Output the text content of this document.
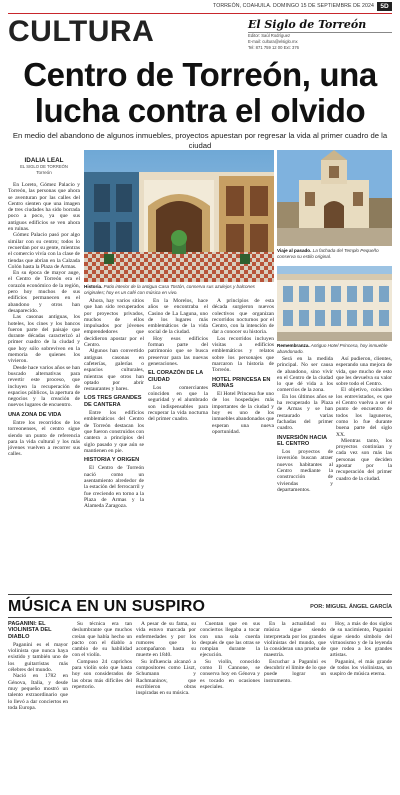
TORREÓN, COAHUILA. DOMINGO 15 DE SEPTIEMBRE DE 2024 5D
CULTURA	El Siglo de Torreón
Editor: Saúl Rodríguez
E-mail: cultura@elsiglo.mx
Tel: 871 759 12 00 Ext: 376
Centro de Torreón, una lucha contra el olvido
En medio del abandono de algunos inmuebles, proyectos apuestan por regresar la vida al primer cuadro de la ciudad
IDALIA LEAL
EL SIGLO DE TORREÓN
Torreón

En Loreto, Gómez Palacio y Torreón, las personas que ahora se aventuran por las calles del Centro sienten que una imagen de tres ciudades ha sido borrada poco a poco, ya que sus antiguos edificios se ven ahora en ruinas.

Gómez Palacio pasó por algo similar con su centro; todos lo recuerdan por su gente, mientras el comercio vivía con la clase de tiendas que abrían en la Calzada Colón hasta la Plaza de Armas.

En su época de mayor auge, el Centro de Torreón era el corazón económico de la región, pero hoy muchos de sus edificios permanecen en el abandono y otros han desaparecido.

Las casonas antiguas, los hoteles, los cines y los bancos fueron parte del paisaje que durante décadas caracterizó al primer cuadro de la ciudad y que hoy sólo sobreviven en la memoria de quienes los vivieron.

Desde hace varios años se han buscado alternativas para revertir este proceso, que incluyen la recuperación de espacios públicos, la apertura de negocios y la creación de nuevos lugares de encuentro.

UNA ZONA DE VIDA

Entre los recorridos de los torreonenses, el centro sigue siendo un punto de referencia para la vida cultural y los más jóvenes vuelven a recorrer sus calles.

Viaje al pasado. La fachada del Templo Pequeño conserva su estilo original.
Historia. Patio interior de la antigua Casa Tostón, conserva sus azulejos y balcones originales; hoy es un café con música en vivo.
Remembranza. Antiguo Hotel Princesa, hoy inmueble abandonado.

Ahora, hay varios sitios que han sido recuperados por proyectos privados, muchos de ellos impulsados por jóvenes emprendedores que decidieron apostar por el Centro.

Algunos han convertido antiguas casonas en cafeterías, galerías o espacios culturales, mientras que otros han optado por abrir restaurantes y bares.

LOS TRES GRANDES DE CANTERA

Entre los edificios emblemáticos del Centro de Torreón destacan los que fueron construidos con cantera a principios del siglo pasado y que aún se mantienen en pie.

HISTORIA Y ORIGEN

El Centro de Torreón nació como un asentamiento alrededor de la estación del ferrocarril y fue creciendo en torno a la Plaza de Armas y la Alameda Zaragoza.

En la Morelos, hace años se encontraba el Casino de La Laguna, uno de los lugares más emblemáticos de la vida social de la ciudad.

Hoy esos edificios forman parte del patrimonio que se busca preservar para las nuevas generaciones.

EL CORAZÓN DE LA CIUDAD

Los comerciantes coinciden en que la seguridad y el alumbrado son indispensables para recuperar la vida nocturna del primer cuadro.

A principios de esta década surgieron nuevos colectivos que organizan recorridos nocturnos por el Centro, con la intención de dar a conocer su historia.

Los recorridos incluyen visitas a edificios emblemáticos y relatos sobre los personajes que marcaron la historia de Torreón.

HOTEL PRINCESA EN RUINAS

El Hotel Princesa fue uno de los hospedajes más importantes de la ciudad y hoy es uno de los inmuebles abandonados que esperan una nueva oportunidad.

Será en la medida principal. No ser causa de abandono, sino vivir en el Centro de la ciudad lo que dé vida a los comercios de la zona.

En los últimos años se ha recuperado la Plaza de Armas y se han restaurado varias fachadas del primer cuadro.

INVERSIÓN HACIA EL CENTRO

Los proyectos de inversión buscan atraer nuevos habitantes al Centro mediante la construcción de viviendas y departamentos.

Así pudieron, clientes, esperando una mejora de vida, que mucho de esto que les devuelva su valor sobre todo el Centro.

El objetivo, coinciden los entrevistados, es que el Centro vuelva a ser el punto de encuentro de todos los laguneros, como lo fue durante buena parte del siglo XX.

Mientras tanto, los proyectos continúan y cada vez son más las personas que deciden apostar por la recuperación del primer cuadro de la ciudad.

MÚSICA EN UN SUSPIRO	POR: MIGUEL ÁNGEL GARCÍA
PAGANINI: EL VIOLINISTA DEL DIABLO

Paganini es el mayor violinista que nunca haya existido y también uno de los guitarristas más célebres del mundo.

Nació en 1782 en Génova, Italia, y desde muy pequeño mostró un talento extraordinario que lo llevó a dar conciertos en toda Europa.

Su técnica era tan deslumbrante que muchos creían que había hecho un pacto con el diablo a cambio de su habilidad con el violín.

Compuso 24 caprichos para violín solo que hasta hoy son considerados de las obras más difíciles del repertorio.

A pesar de su fama, su vida estuvo marcada por enfermedades y por los rumores que lo acompañaron hasta su muerte en 1840.

Su influencia alcanzó a compositores como Liszt, Schumann y Rachmaninov, que escribieron obras inspiradas en su música.

Cuentan que en sus conciertos llegaba a tocar con una sola cuerda después de que las otras se rompían durante la ejecución.

Su violín, conocido como Il Cannone, se conserva hoy en Génova y es tocado en ocasiones especiales.

En la actualidad su música sigue siendo interpretada por los grandes violinistas del mundo, que la consideran una prueba de maestría.

Escuchar a Paganini es descubrir el límite de lo que puede lograr un instrumento.

Hoy, a más de dos siglos de su nacimiento, Paganini sigue siendo símbolo del virtuosismo y de la leyenda que rodea a los grandes artistas.

Paganini, el más grande de todos los violinistas, un suspiro de música eterna.
